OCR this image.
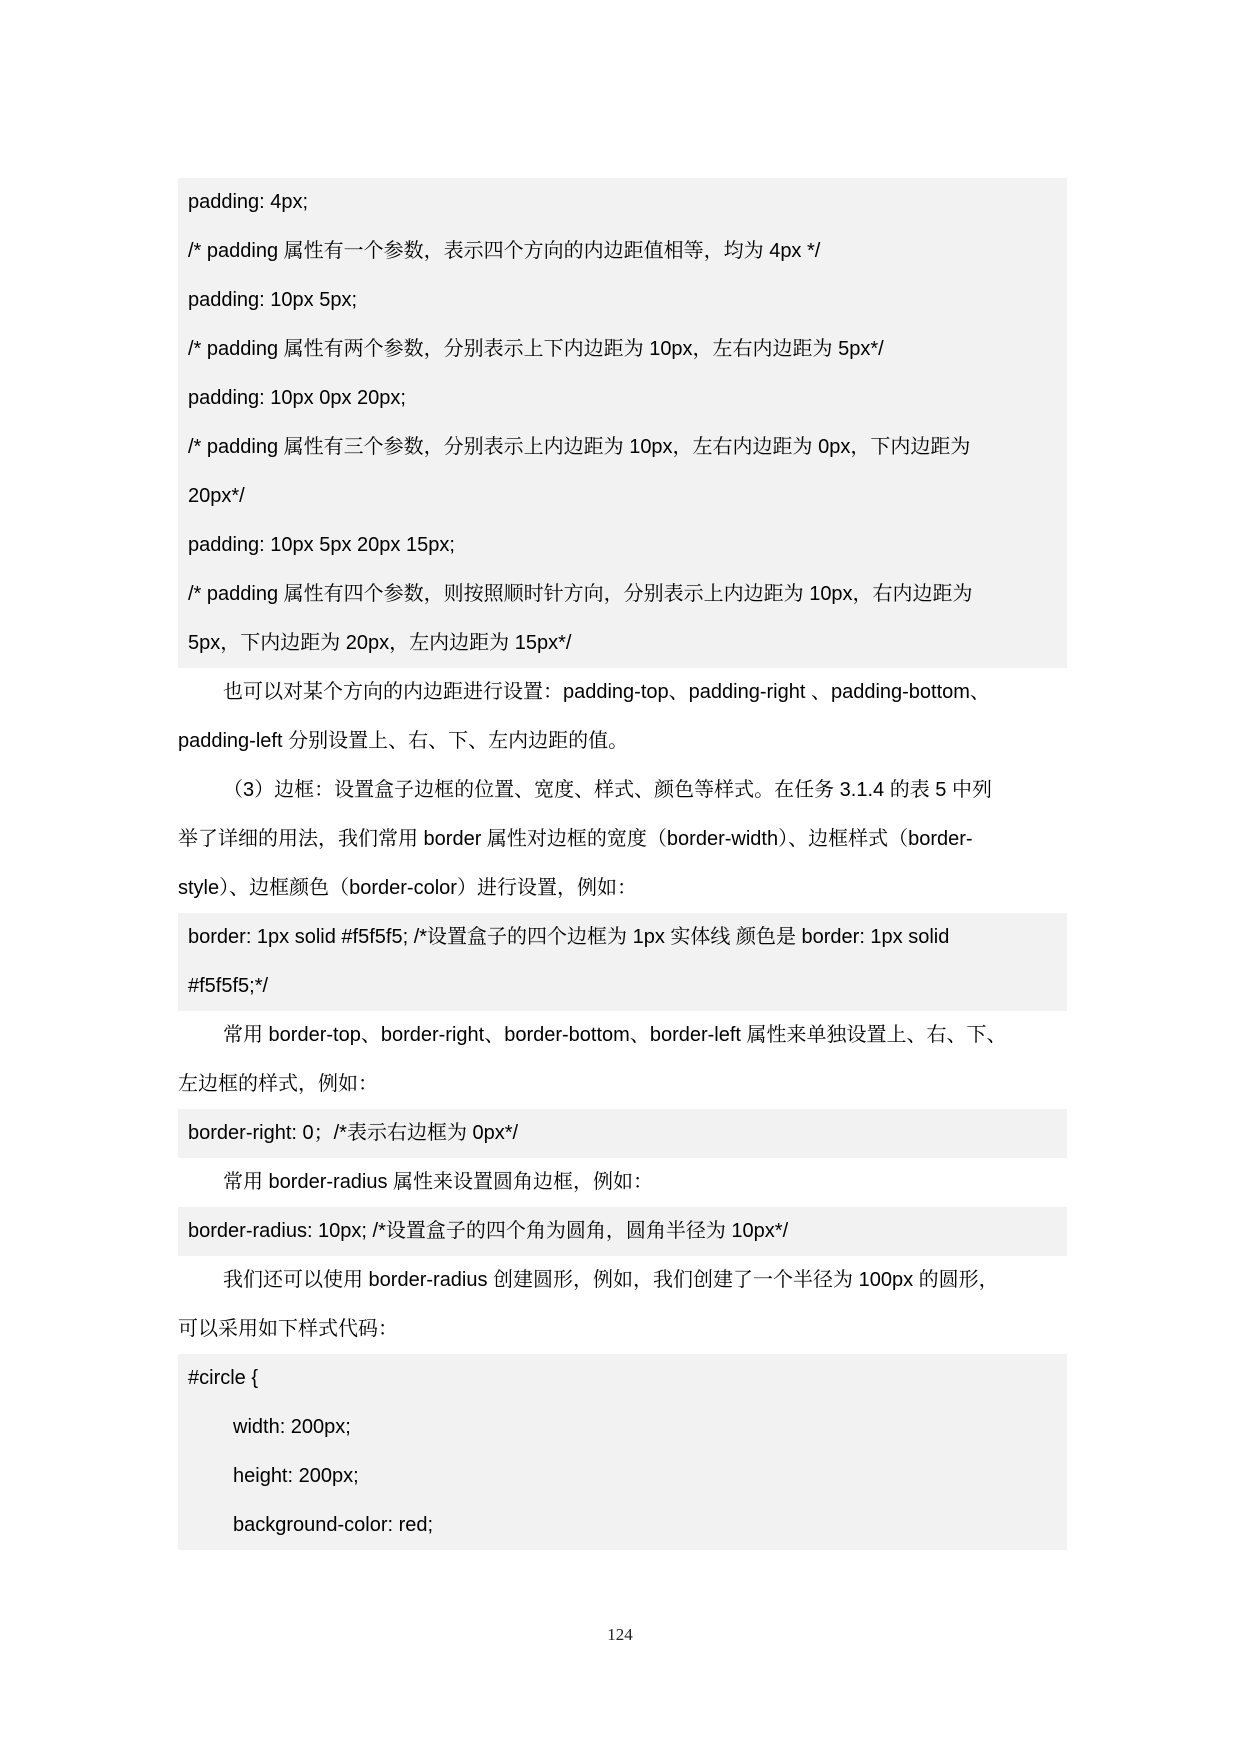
padding: 4px;
/* padding 属性有一个参数，表示四个方向的内边距值相等，均为 4px */
padding: 10px 5px;
/* padding 属性有两个参数，分别表示上下内边距为 10px，左右内边距为 5px*/
padding: 10px 0px 20px;
/* padding 属性有三个参数，分别表示上内边距为 10px，左右内边距为 0px，下内边距为
20px*/
padding: 10px 5px 20px 15px;
/* padding 属性有四个参数，则按照顺时针方向，分别表示上内边距为 10px，右内边距为
5px，下内边距为 20px，左内边距为 15px*/
也可以对某个方向的内边距进行设置：padding-top、padding-right 、padding-bottom、
padding-left 分别设置上、右、下、左内边距的值。
（3）边框：设置盒子边框的位置、宽度、样式、颜色等样式。在任务 3.1.4 的表 5 中列
举了详细的用法，我们常用 border 属性对边框的宽度（border-width）、边框样式（border-
style）、边框颜色（border-color）进行设置，例如：
border: 1px solid #f5f5f5; /*设置盒子的四个边框为 1px 实体线 颜色是 border: 1px solid
#f5f5f5;*/
常用 border-top、border-right、border-bottom、border-left 属性来单独设置上、右、下、
左边框的样式，例如：
border-right: 0；/*表示右边框为 0px*/
常用 border-radius 属性来设置圆角边框，例如：
border-radius: 10px; /*设置盒子的四个角为圆角，圆角半径为 10px*/
我们还可以使用 border-radius 创建圆形，例如，我们创建了一个半径为 100px 的圆形，
可以采用如下样式代码：
#circle {
width: 200px;
height: 200px;
background-color: red;
124
